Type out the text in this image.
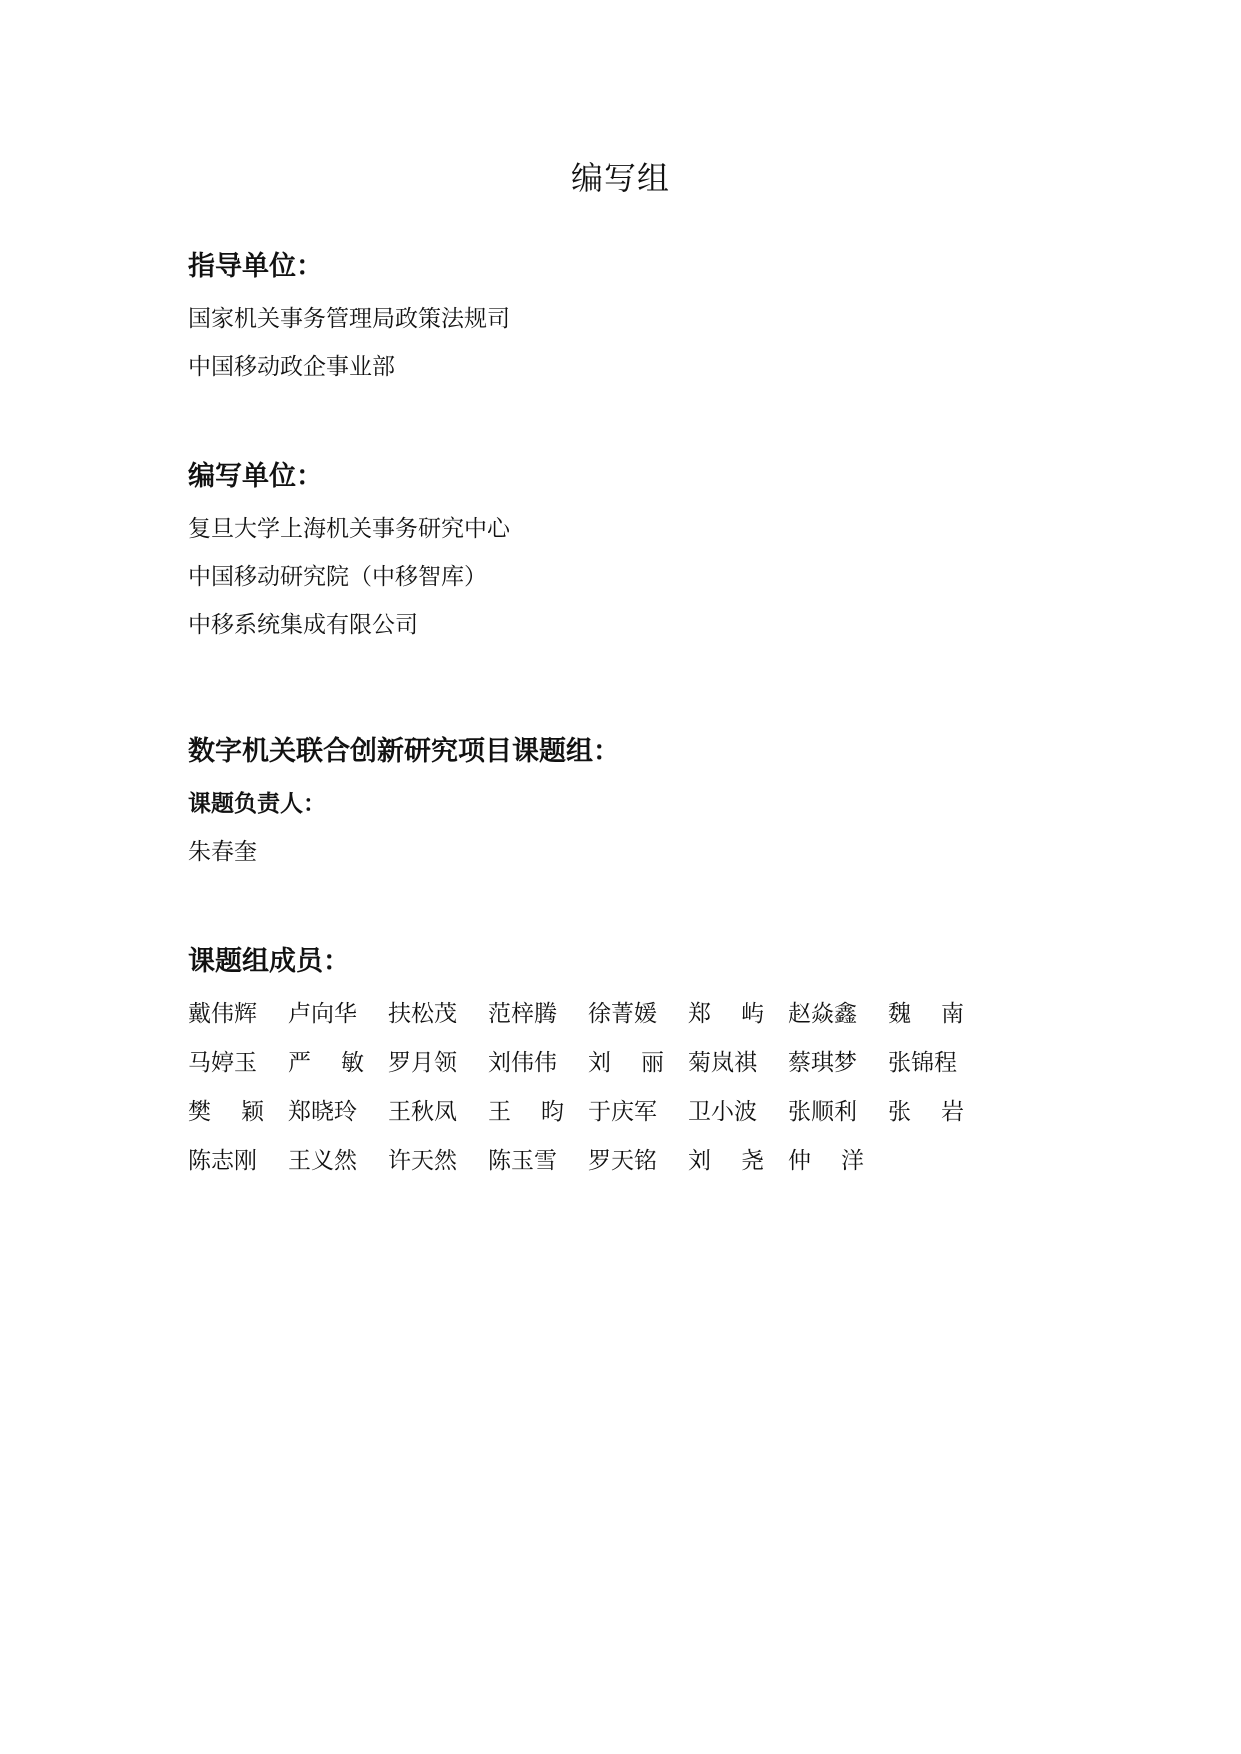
编写组
指导单位：
国家机关事务管理局政策法规司
中国移动政企事业部
编写单位：
复旦大学上海机关事务研究中心
中国移动研究院（中移智库）
中移系统集成有限公司
数字机关联合创新研究项目课题组：
课题负责人：
朱春奎
课题组成员：
戴伟辉 卢向华 扶松茂 范梓腾 徐菁媛 郑 屿 赵焱鑫 魏 南
马婷玉 严 敏 罗月领 刘伟伟 刘 丽 菊岚祺 蔡琪梦 张锦程
樊 颖 郑晓玲 王秋凤 王 昀 于庆军 卫小波 张顺利 张 岩
陈志刚 王义然 许天然 陈玉雪 罗天铭 刘 尧 仲 洋
